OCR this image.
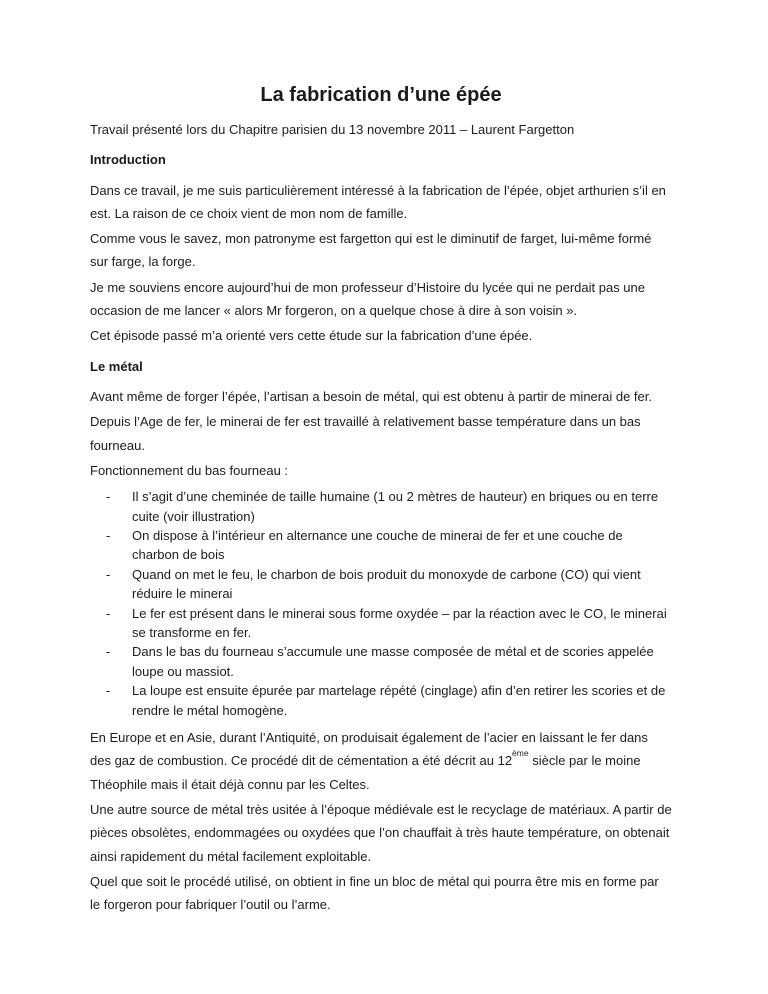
La fabrication d’une épée

Travail présenté lors du Chapitre parisien du 13 novembre 2011 – Laurent Fargetton

Introduction

Dans ce travail, je me suis particulièrement intéressé à la fabrication de l’épée, objet arthurien s’il en est. La raison de ce choix vient de mon nom de famille.

Comme vous le savez, mon patronyme est fargetton qui est le diminutif de farget, lui-même formé sur farge, la forge.

Je me souviens encore aujourd’hui de mon professeur d’Histoire du lycée qui ne perdait pas une occasion de me lancer « alors Mr forgeron, on a quelque chose à dire à son voisin ».

Cet épisode passé m’a orienté vers cette étude sur la fabrication d’une épée.

Le métal

Avant même de forger l’épée, l’artisan a besoin de métal, qui est obtenu à partir de minerai de fer.

Depuis l’Age de fer, le minerai de fer est travaillé à relativement basse température dans un bas fourneau.

Fonctionnement du bas fourneau :

- Il s’agit d’une cheminée de taille humaine (1 ou 2 mètres de hauteur) en briques ou en terre cuite (voir illustration)
- On dispose à l’intérieur en alternance une couche de minerai de fer et une couche de charbon de bois
- Quand on met le feu, le charbon de bois produit du monoxyde de carbone (CO) qui vient réduire le minerai
- Le fer est présent dans le minerai sous forme oxydée – par la réaction avec le CO, le minerai se transforme en fer.
- Dans le bas du fourneau s’accumule une masse composée de métal et de scories appelée loupe ou massiot.
- La loupe est ensuite épurée par martelage répété (cinglage) afin d’en retirer les scories et de rendre le métal homogène.

En Europe et en Asie, durant l’Antiquité, on produisait également de l’acier en laissant le fer dans des gaz de combustion. Ce procédé dit de cémentation a été décrit au 12ème siècle par le moine Théophile mais il était déjà connu par les Celtes.

Une autre source de métal très usitée à l’époque médiévale est le recyclage de matériaux. A partir de pièces obsolètes, endommagées ou oxydées que l’on chauffait à très haute température, on obtenait ainsi rapidement du métal facilement exploitable.

Quel que soit le procédé utilisé, on obtient in fine un bloc de métal qui pourra être mis en forme par le forgeron pour fabriquer l’outil ou l’arme.
